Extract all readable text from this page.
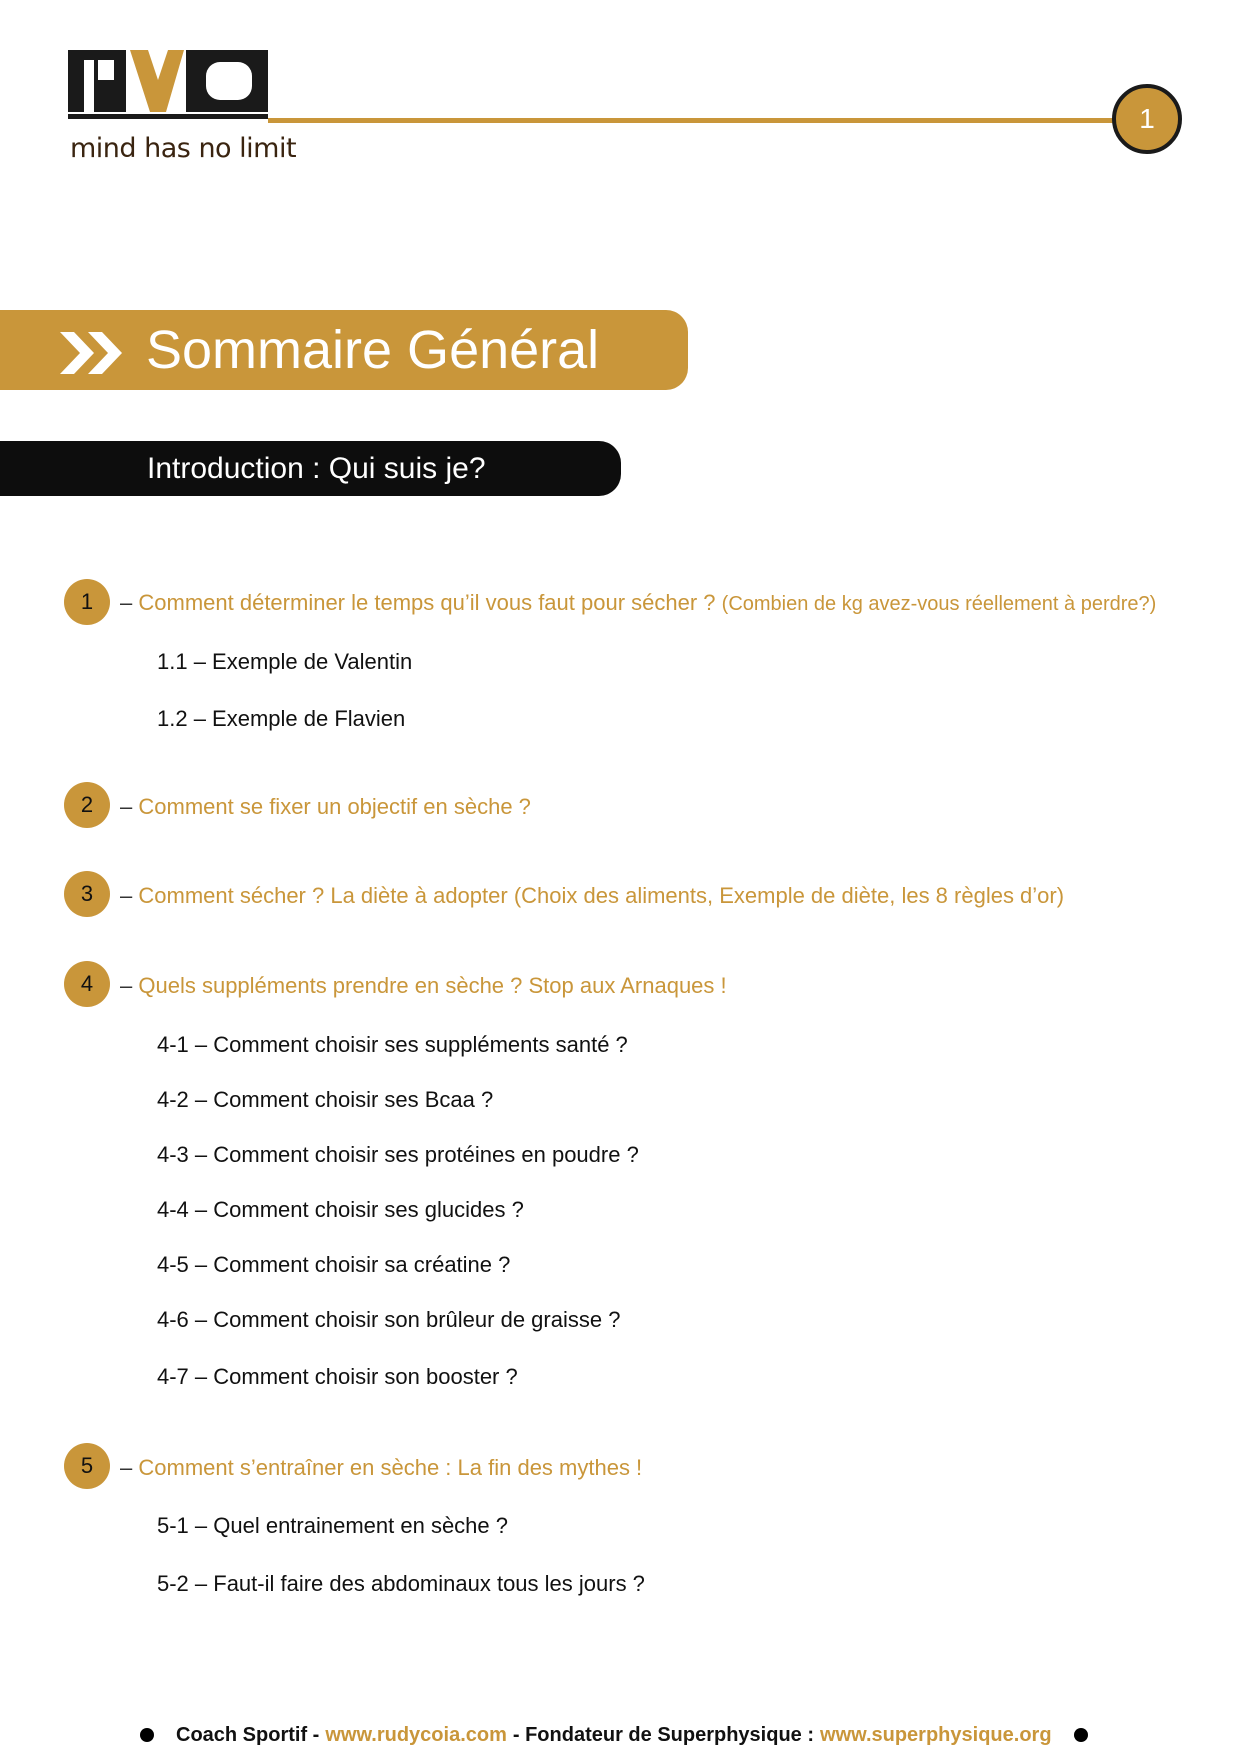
mind has no limit
1
Sommaire Général
Introduction : Qui suis je?
1	– Comment déterminer le temps qu’il vous faut pour sécher ? (Combien de kg avez-vous réellement à perdre?)
1.1 – Exemple de Valentin
1.2 – Exemple de Flavien
2	– Comment se fixer un objectif en sèche ?
3	– Comment sécher ? La diète à adopter (Choix des aliments, Exemple de diète, les 8 règles d’or)
4	– Quels suppléments prendre en sèche ? Stop aux Arnaques !
4-1 – Comment choisir ses suppléments santé ?
4-2 – Comment choisir ses Bcaa ?
4-3 – Comment choisir ses protéines en poudre ?
4-4 – Comment choisir ses glucides ?
4-5 – Comment choisir sa créatine ?
4-6 – Comment choisir son brûleur de graisse ?
4-7 – Comment choisir son booster ?
5	– Comment s’entraîner en sèche : La fin des mythes !
5-1 – Quel entrainement en sèche ?
5-2 – Faut-il faire des abdominaux tous les jours ?
Coach Sportif - www.rudycoia.com - Fondateur de Superphysique : www.superphysique.org
